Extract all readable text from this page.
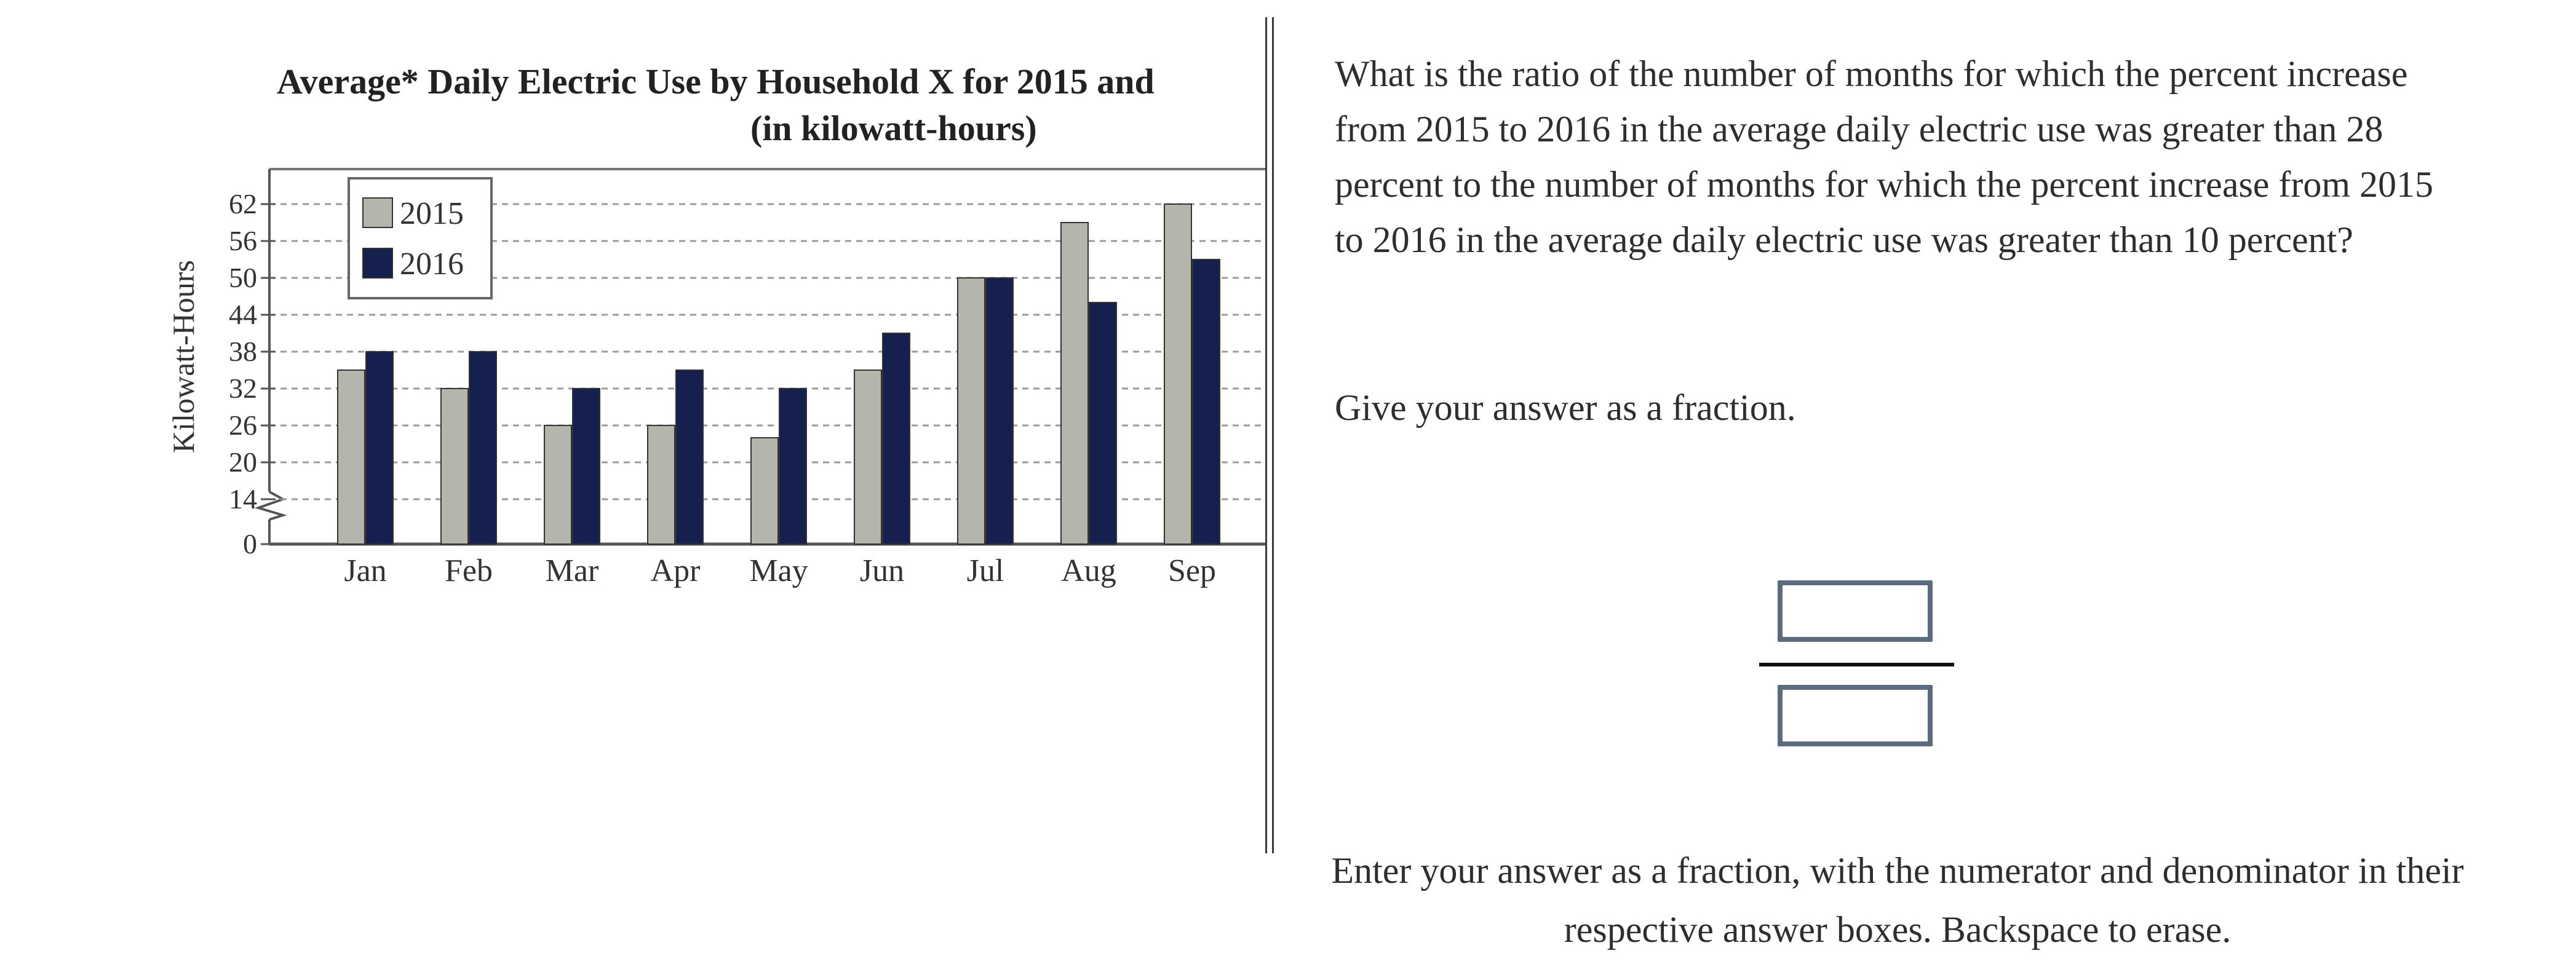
Average* Daily Electric Use by Household X for 2015 and
(in kilowatt-hours)
Kilowatt-Hours
0
14
20
26
32
38
44
50
56
62
Jan Feb Mar Apr May Jun Jul Aug Sep
2015
2016

What is the ratio of the number of months for which the percent increase from 2015 to 2016 in the average daily electric use was greater than 28 percent to the number of months for which the percent increase from 2015 to 2016 in the average daily electric use was greater than 10 percent?

Give your answer as a fraction.

Enter your answer as a fraction, with the numerator and denominator in their respective answer boxes. Backspace to erase.
